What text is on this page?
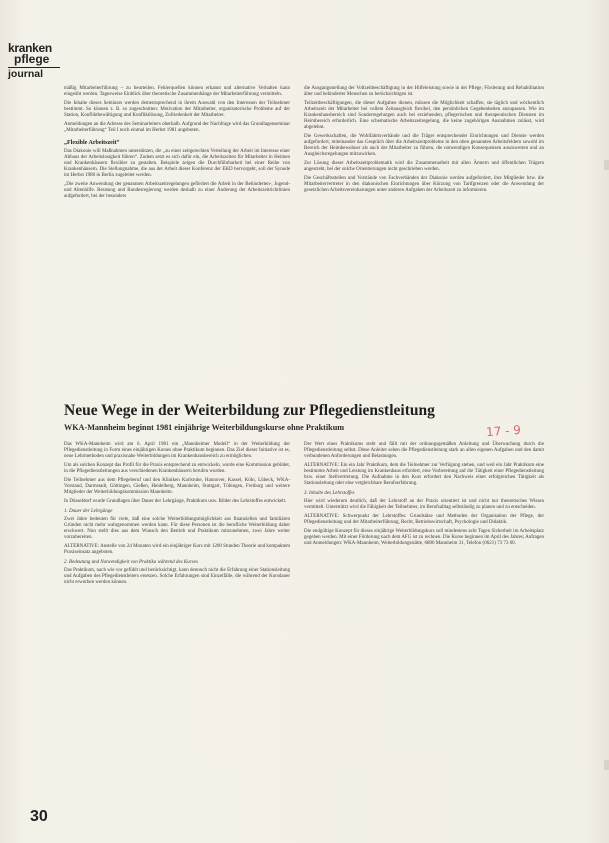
kranken
pflege
journal

mäßig Mitarbeiterführung – zu beurteilen. Fehlerquellen können erkannt und alternative Verhalten kann eingeübt werden. Tagesweise Einblick über theoretische Zusammenhänge der Mitarbeiterführung vermitteln.

Die Inhalte dieses Seminars werden dementsprechend in ihrem Auswahl von den Interessen der Teilnehmer bestimmt. So können z. B. so zugeschnitten: Motivation der Mitarbeiter, organisatorische Probleme auf der Station, Konfliktbewältigung und Konfliktlösung, Zufriedenheit der Mitarbeiter.

Anmeldungen an die Adresse des Seminarleiters oberhalb. Aufgrund der Nachfrage wird das Grundlagenseminar „Mitarbeiterführung“ Teil I noch einmal im Herbst 1981 angeboten.

„Flexible Arbeitszeit“

Das Diakonie will Maßnahmen unterstützen, die „zu einer zeitgerechten Verteilung der Arbeit im Interesse einer Abbaus der Arbeitslosigkeit führen“. Zudem setzt es sich dafür ein, die Arbeitszeiten für Mitarbeiter in Heimen und Krankenhäusern flexibler zu gestalten. Beispiele zeigen die Durchführbarkeit bei einer Reihe von Krankenhäusern. Die Stellungnahme, die aus der Arbeit dieser Konferenz der EKD hervorgeht, soll der Synode im Herbst 1980 in Berlin zugeleitet werden.

„Die zweite Anwendung der genannten Arbeitszeitregelungen gefördert die Arbeit in der Behinderten-, Jugend- und Altenhilfe. Beratung und Bundesregierung werden deshalb zu einer Änderung der Arbeitszeitrichtlinien aufgefordert, bei der besonders

die Ausgangsstellung der Vollzeitbeschäftigung in der Hilfeleistung sowie in der Pflege, Förderung und Rehabilitation älter und behinderter Menschen zu berücksichtigen ist.

Teilzeitbeschäftigungen, die dieser Aufgaben dienen, müssen die Möglichkeit schaffen, sie täglich und wöchentlich Arbeitszeit der Mitarbeiter bei vollem Zeitausgleich flexibel, den persönlichen Gegebenheiten anzupassen. Wie im Krankenhausbereich sind Sonderregelungen auch bei erziehenden, pflegerischen und therapeutischen Diensten im Heimbereich erforderlich. Eine schematische Arbeitszeitregelung, die keine zugehörigen Ausnahmen zulässt, wird abgelehnt.

Die Gewerkschaften, die Wohlfahrtsverbände und die Träger entsprechender Einrichtungen und Dienste werden aufgefordert, miteinander das Gespräch über die Arbeitszeitprobleme in den oben genannten Arbeitsfeldern sowohl im Bereich der Heimbewohner als auch der Mitarbeiter zu führen, die notwendigen Konsequenzen auszuwerten und an Ausgleichsregelungen mitzuwirken.

Zur Lösung dieser Arbeitszeitproblematik wird die Zusammenarbeit mit allen Ämtern und öffentlichen Trägern angestrebt, bei der solche Orientierungen nicht geschrieben werden.

Die Geschäftsstellen und Vorstände von Fachverbänden der Diakonie werden aufgefordert, ihre Mitglieder bzw. die Mitarbeitervertreter in den diakonischen Einrichtungen über Kürzung von Tarifgrenzen oder die Anwendung der gesetzlichen Arbeitsvereinbarungen unter anderen Aufgaben der Arbeitszeit zu informieren.

Neue Wege in der Weiterbildung zur Pflegedienstleitung
WKA-Mannheim beginnt 1981 einjährige Weiterbildungskurse ohne Praktikum	17 - 9

Das WKA-Mannheim wird am 6. April 1981 ein „Mannheimer Modell“ in der Weiterbildung der Pflegedienstleitung in Form eines einjährigen Kurses ohne Praktikum beginnen. Das Ziel dieser Initiative ist es, neue Lehrmethoden und praxisnahe Weiterbildungen im Krankenhausbereich zu ermöglichen.

Um als solchen Konzept das Profil für die Praxis entsprechend zu entwickeln, wurde eine Kommission gebildet, in die Pflegedienstleitungen aus verschiedenen Krankenhäusern berufen wurden.

Die Teilnehmer aus dem Pflegeberuf und den Kliniken Karlsruhe, Hannover, Kassel, Köln, Lübeck, WKA-Vorstand, Darmstadt, Göttingen, Gießen, Heidelberg, Mannheim, Stuttgart, Tübingen, Freiburg und weitere Mitglieder der Weiterbildungskommission Mannheim.

In Düsseldorf wurde Grundlagen über Dauer der Lehrgänge, Praktikum usw. Bilder des Lehrstoffes entwickelt.

1. Dauer der Lehrgänge

Zwei Jahre bedeuten für viele, daß eine solche Weiterbildungsmöglichkeit aus finanziellen und familiären Gründen nicht mehr wahrgenommen werden kann. Für diese Personen ist die berufliche Weiterbildung daher erschwert. Nun stellt dies aus dem Wunsch den Betrieb und Praktikum mitzunehmen, zwei Jahre weiter vorzubereiten.

ALTERNATIVE: Anstelle von 24 Monaten wird ein einjähriger Kurs mit 1200 Stunden Theorie und kompaktem Praxiseinsatz angeboten.

2. Bedeutung und Notwendigkeit von Praktika während des Kurses

Das Praktikum, nach wie vor gefühlt und berücksichtigt, kann dennoch nicht die Erfahrung einer Stationsleitung und Aufgaben des Pflegedienstleiters ersetzen. Solche Erfahrungen sind Einzelfälle, die während der Kursdauer nicht erworben werden können.

Der Wert eines Praktikums steht und fällt mit der ordnungsgemäßen Anleitung und Überwachung durch die Pflegedienstleitung selbst. Diese Anleiter sehen die Pflegedienstleitung stark an allen eigenen Aufgaben und den damit verbundenen Anforderungen und Belastungen.

ALTERNATIVE: Ein ein Jahr Praktikum, dem die Teilnehmer zur Verfügung stehen, und weil ein Jahr Praktikum eine bestimmte Arbeit und Leistung im Krankenhaus erfordert, eine Vorbereitung auf die Tätigkeit einer Pflegedienstleitung bzw. einer Stellvertretung. Die Aufnahme in den Kurs erfordert den Nachweis einer erfolgreichen Tätigkeit als Stationsleitung oder eine vergleichbare Berufserfahrung.

3. Inhalte des Lehrstoffes

Hier wird wiederum deutlich, daß der Lehrstoff an der Praxis orientiert ist und nicht nur theoretisches Wissen vermittelt. Unterstützt wird die Fähigkeit der Teilnehmer, im Berufsalltag selbständig zu planen und zu entscheiden.

ALTERNATIVE: Schwerpunkt der Lehrstoffes: Grundsätze und Methoden der Organisation der Pflege, der Pflegedienstleitung und der Mitarbeiterführung, Recht, Betriebswirtschaft, Psychologie und Didaktik.

Die endgültige Konzept für dieses einjährige Weiterbildungskurs soll mindestens acht Tagen Sicherheit im Arbeitsplatz gegeben werden. Mit einer Förderung nach dem AFG ist zu rechnen. Die Kurse beginnen im April des Jahres; Anfragen und Anmeldungen: WKA-Mannheim, Weiterbildungsstätte, 6800 Mannheim 31, Telefon (0621) 73 73 60.

30
